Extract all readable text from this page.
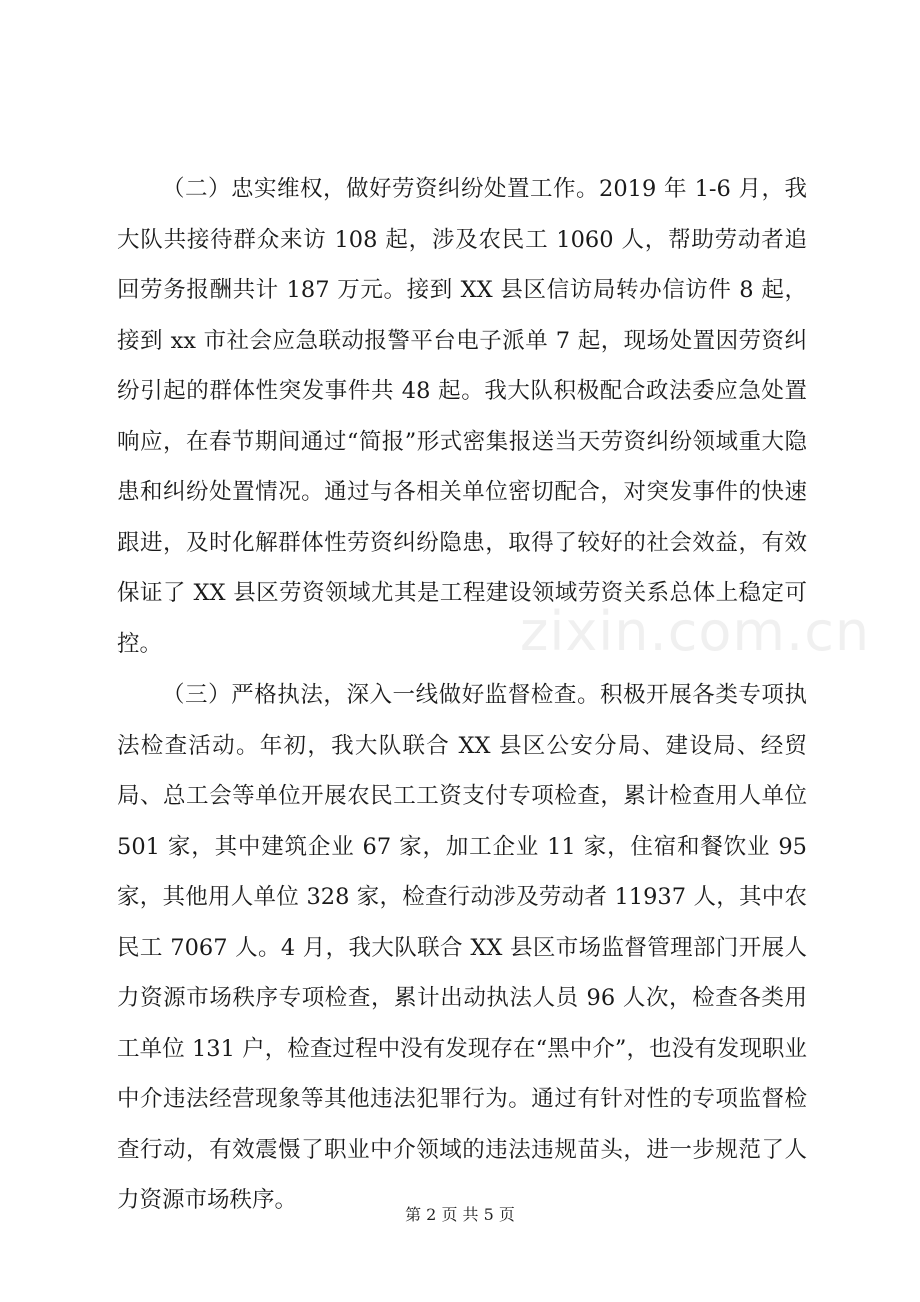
（二）忠实维权，做好劳资纠纷处置工作。2019 年 1-6 月，我大队共接待群众来访 108 起，涉及农民工 1060 人，帮助劳动者追回劳务报酬共计 187 万元。接到 XX 县区信访局转办信访件 8 起，接到 xx 市社会应急联动报警平台电子派单 7 起，现场处置因劳资纠纷引起的群体性突发事件共 48 起。我大队积极配合政法委应急处置响应，在春节期间通过“简报”形式密集报送当天劳资纠纷领域重大隐患和纠纷处置情况。通过与各相关单位密切配合，对突发事件的快速跟进，及时化解群体性劳资纠纷隐患，取得了较好的社会效益，有效保证了 XX 县区劳资领域尤其是工程建设领域劳资关系总体上稳定可控。

（三）严格执法，深入一线做好监督检查。积极开展各类专项执法检查活动。年初，我大队联合 XX 县区公安分局、建设局、经贸局、总工会等单位开展农民工工资支付专项检查，累计检查用人单位 501 家，其中建筑企业 67 家，加工企业 11 家，住宿和餐饮业 95 家，其他用人单位 328 家，检查行动涉及劳动者 11937 人，其中农民工 7067 人。4 月，我大队联合 XX 县区市场监督管理部门开展人力资源市场秩序专项检查，累计出动执法人员 96 人次，检查各类用工单位 131 户，检查过程中没有发现存在“黑中介”，也没有发现职业中介违法经营现象等其他违法犯罪行为。通过有针对性的专项监督检查行动，有效震慑了职业中介领域的违法违规苗头，进一步规范了人力资源市场秩序。

zixin.com.cn
第 2 页 共 5 页
